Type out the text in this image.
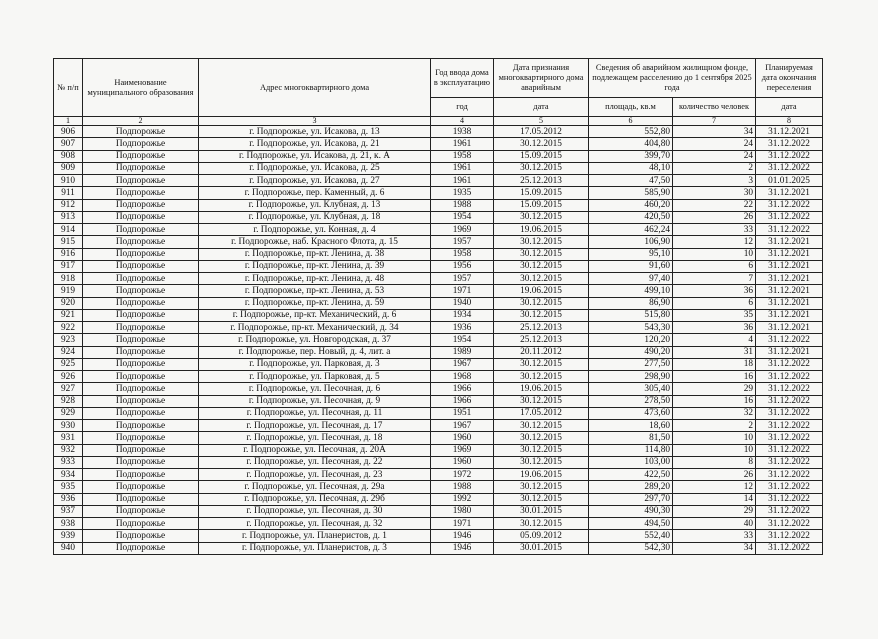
№ п/п	Наименование муниципального образования	Адрес многоквартирного дома	Год ввода дома в эксплуатацию	Дата признания многоквартирного дома аварийным	Сведения об аварийном жилищном фонде, подлежащем расселению до 1 сентября 2025 года		Планируемая дата окончания переселения
			год	дата	площадь, кв.м	количество человек	дата
1	2	3	4	5	6	7	8
906	Подпорожье	г. Подпорожье, ул. Исакова, д. 13	1938	17.05.2012	552,80	34	31.12.2021
907	Подпорожье	г. Подпорожье, ул. Исакова, д. 21	1961	30.12.2015	404,80	24	31.12.2022
908	Подпорожье	г. Подпорожье, ул. Исакова, д. 21, к. А	1958	15.09.2015	399,70	24	31.12.2022
909	Подпорожье	г. Подпорожье, ул. Исакова, д. 25	1961	30.12.2015	48,10	2	31.12.2022
910	Подпорожье	г. Подпорожье, ул. Исакова, д. 27	1961	25.12.2013	47,50	3	01.01.2025
911	Подпорожье	г. Подпорожье, пер. Каменный, д. 6	1935	15.09.2015	585,90	30	31.12.2021
912	Подпорожье	г. Подпорожье, ул. Клубная, д. 13	1988	15.09.2015	460,20	22	31.12.2022
913	Подпорожье	г. Подпорожье, ул. Клубная, д. 18	1954	30.12.2015	420,50	26	31.12.2022
914	Подпорожье	г. Подпорожье, ул. Конная, д. 4	1969	19.06.2015	462,24	33	31.12.2022
915	Подпорожье	г. Подпорожье, наб. Красного Флота, д. 15	1957	30.12.2015	106,90	12	31.12.2021
916	Подпорожье	г. Подпорожье, пр-кт. Ленина, д. 38	1958	30.12.2015	95,10	10	31.12.2021
917	Подпорожье	г. Подпорожье, пр-кт. Ленина, д. 39	1956	30.12.2015	91,60	6	31.12.2021
918	Подпорожье	г. Подпорожье, пр-кт. Ленина, д. 48	1957	30.12.2015	97,40	7	31.12.2021
919	Подпорожье	г. Подпорожье, пр-кт. Ленина, д. 53	1971	19.06.2015	499,10	36	31.12.2021
920	Подпорожье	г. Подпорожье, пр-кт. Ленина, д. 59	1940	30.12.2015	86,90	6	31.12.2021
921	Подпорожье	г. Подпорожье, пр-кт. Механический, д. 6	1934	30.12.2015	515,80	35	31.12.2021
922	Подпорожье	г. Подпорожье, пр-кт. Механический, д. 34	1936	25.12.2013	543,30	36	31.12.2021
923	Подпорожье	г. Подпорожье, ул. Новгородская, д. 37	1954	25.12.2013	120,20	4	31.12.2022
924	Подпорожье	г. Подпорожье, пер. Новый, д. 4, лит. а	1989	20.11.2012	490,20	31	31.12.2021
925	Подпорожье	г. Подпорожье, ул. Парковая, д. 3	1967	30.12.2015	277,50	18	31.12.2022
926	Подпорожье	г. Подпорожье, ул. Парковая, д. 5	1968	30.12.2015	298,90	16	31.12.2022
927	Подпорожье	г. Подпорожье, ул. Песочная, д. 6	1966	19.06.2015	305,40	29	31.12.2022
928	Подпорожье	г. Подпорожье, ул. Песочная, д. 9	1966	30.12.2015	278,50	16	31.12.2022
929	Подпорожье	г. Подпорожье, ул. Песочная, д. 11	1951	17.05.2012	473,60	32	31.12.2022
930	Подпорожье	г. Подпорожье, ул. Песочная, д. 17	1967	30.12.2015	18,60	2	31.12.2022
931	Подпорожье	г. Подпорожье, ул. Песочная, д. 18	1960	30.12.2015	81,50	10	31.12.2022
932	Подпорожье	г. Подпорожье, ул. Песочная, д. 20А	1969	30.12.2015	114,80	10	31.12.2022
933	Подпорожье	г. Подпорожье, ул. Песочная, д. 22	1960	30.12.2015	103,00	8	31.12.2022
934	Подпорожье	г. Подпорожье, ул. Песочная, д. 23	1972	19.06.2015	422,50	26	31.12.2022
935	Подпорожье	г. Подпорожье, ул. Песочная, д. 29а	1988	30.12.2015	289,20	12	31.12.2022
936	Подпорожье	г. Подпорожье, ул. Песочная, д. 29б	1992	30.12.2015	297,70	14	31.12.2022
937	Подпорожье	г. Подпорожье, ул. Песочная, д. 30	1980	30.01.2015	490,30	29	31.12.2022
938	Подпорожье	г. Подпорожье, ул. Песочная, д. 32	1971	30.12.2015	494,50	40	31.12.2022
939	Подпорожье	г. Подпорожье, ул. Планеристов, д. 1	1946	05.09.2012	552,40	33	31.12.2022
940	Подпорожье	г. Подпорожье, ул. Планеристов, д. 3	1946	30.01.2015	542,30	34	31.12.2022
